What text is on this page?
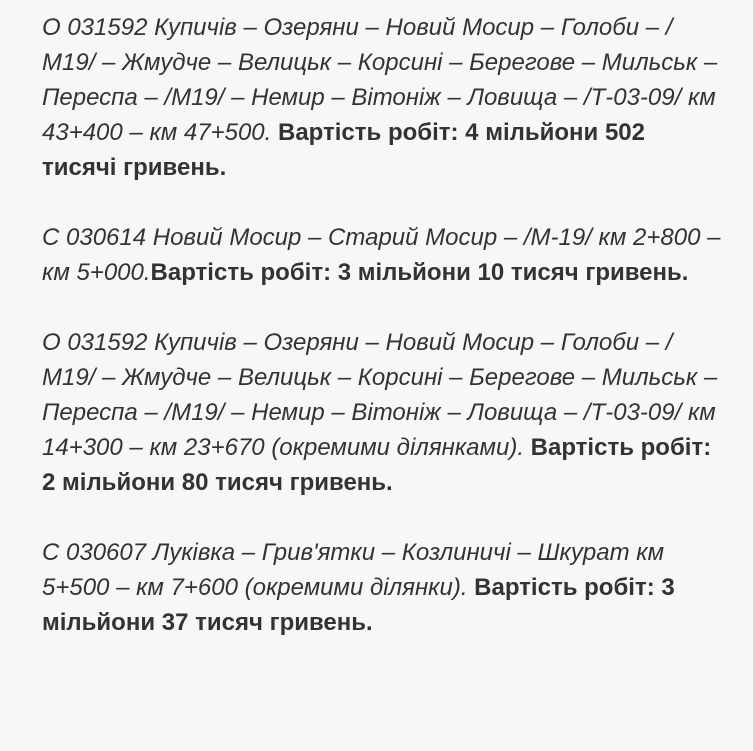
О 031592 Купичів – Озеряни – Новий Мосир – Голоби – /М19/ – Жмудче – Велицьк – Корсині – Берегове – Мильськ – Переспа – /М19/ – Немир – Вітоніж – Ловища – /Т-03-09/ км 43+400 – км 47+500. Вартість робіт: 4 мільйони 502 тисячі гривень.

С 030614 Новий Мосир – Старий Мосир – /М-19/ км 2+800 – км 5+000.Вартість робіт: 3 мільйони 10 тисяч гривень.

О 031592 Купичів – Озеряни – Новий Мосир – Голоби – /М19/ – Жмудче – Велицьк – Корсині – Берегове – Мильськ – Переспа – /М19/ – Немир – Вітоніж – Ловища – /Т-03-09/ км 14+300 – км 23+670 (окремими ділянками). Вартість робіт: 2 мільйони 80 тисяч гривень.

С 030607 Луківка – Грив'ятки – Козлиничі – Шкурат км 5+500 – км 7+600 (окремими ділянки). Вартість робіт: 3 мільйони 37 тисяч гривень.
